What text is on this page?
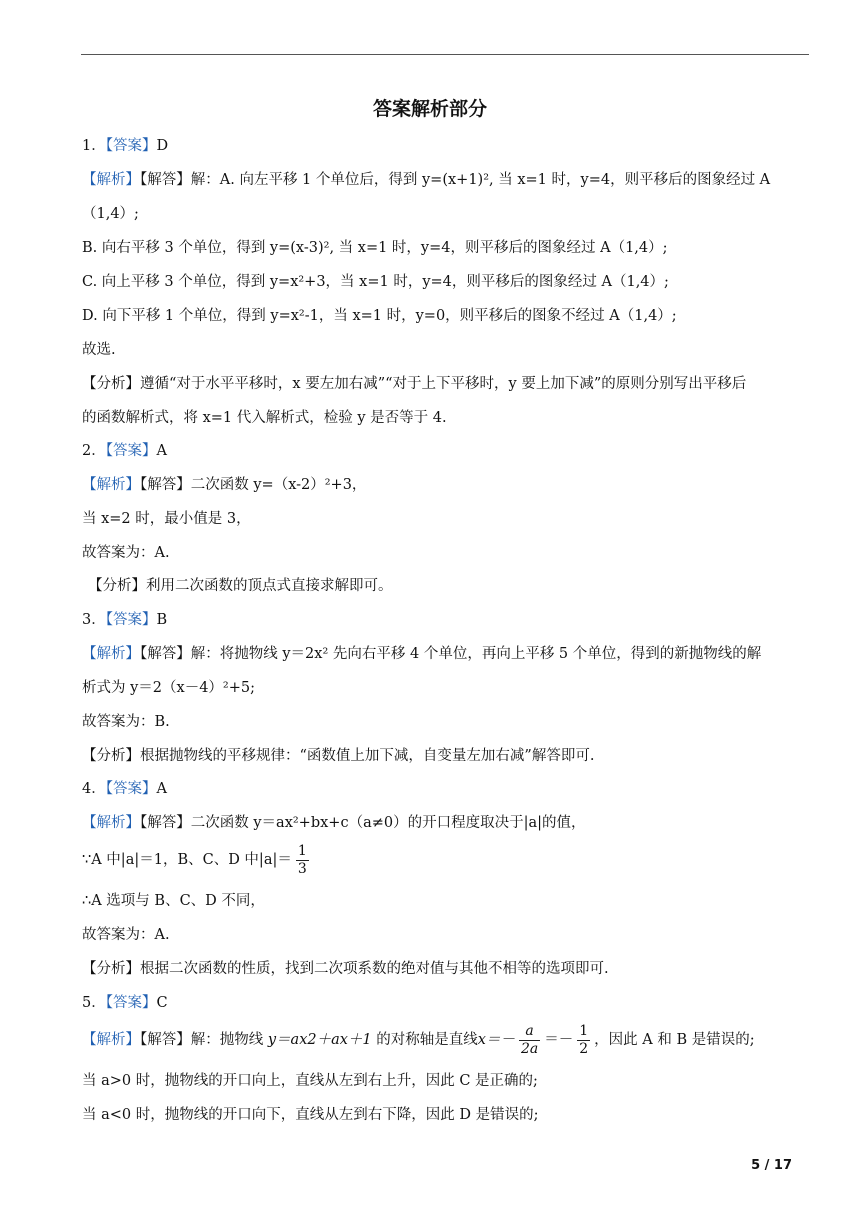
答案解析部分
1．【答案】D
【解析】【解答】解：A. 向左平移 1 个单位后，得到 y=(x+1)², 当 x=1 时，y=4，则平移后的图象经过 A
（1,4）;
B. 向右平移 3 个单位，得到 y=(x-3)², 当 x=1 时，y=4，则平移后的图象经过 A（1,4）;
C. 向上平移 3 个单位，得到 y=x²+3，当 x=1 时，y=4，则平移后的图象经过 A（1,4）;
D. 向下平移 1 个单位，得到 y=x²-1，当 x=1 时，y=0，则平移后的图象不经过 A（1,4）;
故选.
【分析】遵循“对于水平平移时，x 要左加右减”“对于上下平移时，y 要上加下减”的原则分别写出平移后
的函数解析式，将 x=1 代入解析式，检验 y 是否等于 4.
2．【答案】A
【解析】【解答】二次函数 y=（x-2）²+3，
当 x=2 时，最小值是 3，
故答案为：A.
【分析】利用二次函数的顶点式直接求解即可。
3．【答案】B
【解析】【解答】解：将抛物线 y＝2x² 先向右平移 4 个单位，再向上平移 5 个单位，得到的新抛物线的解
析式为 y＝2（x－4）²+5;
故答案为：B.
【分析】根据抛物线的平移规律：“函数值上加下减，自变量左加右减”解答即可.
4．【答案】A
【解析】【解答】二次函数 y＝ax²+bx+c（a≠0）的开口程度取决于|a|的值，
∵A 中|a|＝1，B、C、D 中$|a|= \frac{1}{3}$
∴A 选项与 B、C、D 不同，
故答案为：A.
【分析】根据二次函数的性质，找到二次项系数的绝对值与其他不相等的选项即可.
5．【答案】C
【解析】【解答】解：抛物线 y＝ax2＋ax＋1 的对称轴是直线$x=- \frac{a}{2a} =- \frac{1}{2}$ ，因此 A 和 B 是错误的;
当 a>0 时，抛物线的开口向上，直线从左到右上升，因此 C 是正确的;
当 a<0 时，抛物线的开口向下，直线从左到右下降，因此 D 是错误的;
5 / 17
